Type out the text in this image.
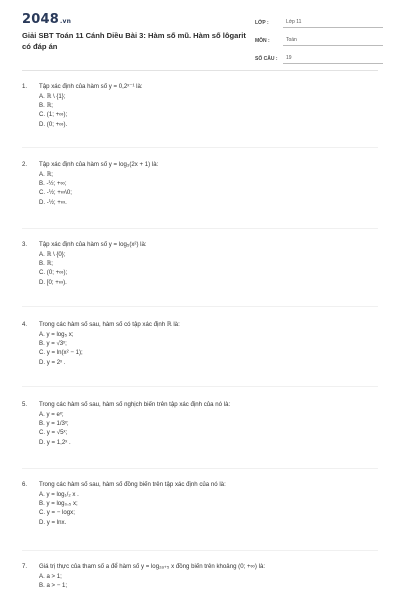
2048.vn
Giải SBT Toán 11 Cánh Diều Bài 3: Hàm số mũ. Hàm số lôgarit có đáp án
LỚP :	Lớp 11
MÔN :	Toán
SỐ CÂU :	19
1.	Tập xác định của hàm số y = 0,2ˣ⁻¹ là:
A. ℝ \ {1};
B. ℝ;
C. (1; +∞);
D. (0; +∞).
2.	Tập xác định của hàm số y = log₃(2x + 1) là:
A. ℝ;
B. -½; +∞;
C. -½; +∞\0;
D. -½; +∞.
3.	Tập xác định của hàm số y = log₅(x²) là:
A. ℝ \ {0};
B. ℝ;
C. (0; +∞);
D. [0; +∞).
4.	Trong các hàm số sau, hàm số có tập xác định ℝ là:
A. y = log₅ x;
B. y = √3ˣ;
C. y = ln(x² − 1);
D. y = 2ˣ .
5.	Trong các hàm số sau, hàm số nghịch biến trên tập xác định của nó là:
A. y = eˣ;
B. y = 1/3ˣ;
C. y = √5ˣ;
D. y = 1,2ˣ .
6.	Trong các hàm số sau, hàm số đồng biến trên tập xác định của nó là:
A. y = log₁/₂ x .
B. y = log₀,₅ x;
C. y = − logx;
D. y = lnx.
7.	Giá trị thực của tham số a để hàm số y = log₂ₐ₊₅ x đồng biến trên khoảng (0; +∞) là:
A. a > 1;
B. a > − 1;
